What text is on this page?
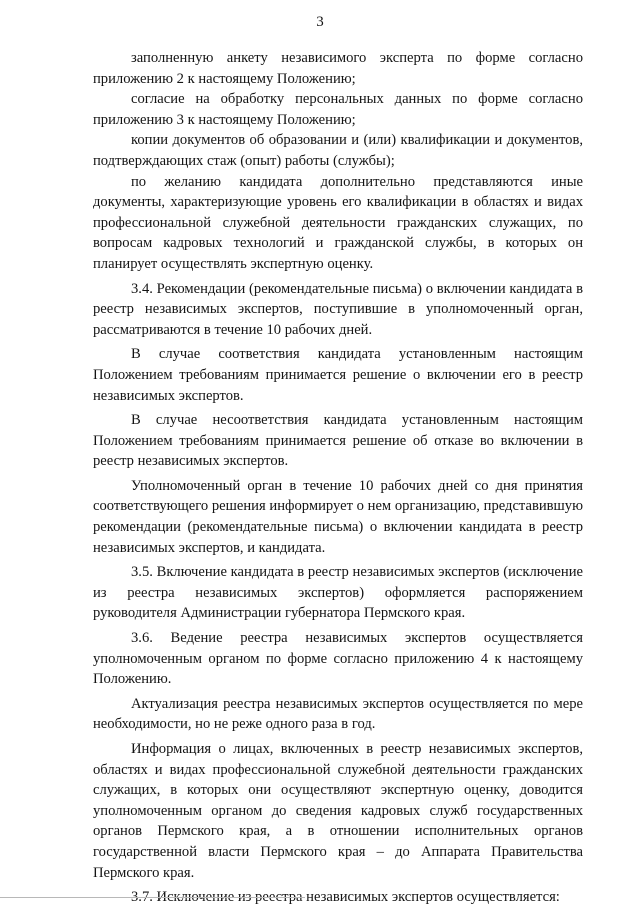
3

заполненную анкету независимого эксперта по форме согласно приложению 2 к настоящему Положению;

согласие на обработку персональных данных по форме согласно приложению 3 к настоящему Положению;

копии документов об образовании и (или) квалификации и документов, подтверждающих стаж (опыт) работы (службы);

по желанию кандидата дополнительно представляются иные документы, характеризующие уровень его квалификации в областях и видах профессиональной служебной деятельности гражданских служащих, по вопросам кадровых технологий и гражданской службы, в которых он планирует осуществлять экспертную оценку.

3.4. Рекомендации (рекомендательные письма) о включении кандидата в реестр независимых экспертов, поступившие в уполномоченный орган, рассматриваются в течение 10 рабочих дней.

В случае соответствия кандидата установленным настоящим Положением требованиям принимается решение о включении его в реестр независимых экспертов.

В случае несоответствия кандидата установленным настоящим Положением требованиям принимается решение об отказе во включении в реестр независимых экспертов.

Уполномоченный орган в течение 10 рабочих дней со дня принятия соответствующего решения информирует о нем организацию, представившую рекомендации (рекомендательные письма) о включении кандидата в реестр независимых экспертов, и кандидата.

3.5. Включение кандидата в реестр независимых экспертов (исключение из реестра независимых экспертов) оформляется распоряжением руководителя Администрации губернатора Пермского края.

3.6. Ведение реестра независимых экспертов осуществляется уполномоченным органом по форме согласно приложению 4 к настоящему Положению.

Актуализация реестра независимых экспертов осуществляется по мере необходимости, но не реже одного раза в год.

Информация о лицах, включенных в реестр независимых экспертов, областях и видах профессиональной служебной деятельности гражданских служащих, в которых они осуществляют экспертную оценку, доводится уполномоченным органом до сведения кадровых служб государственных органов Пермского края, а в отношении исполнительных органов государственной власти Пермского края – до Аппарата Правительства Пермского края.

3.7. Исключение из реестра независимых экспертов осуществляется:
